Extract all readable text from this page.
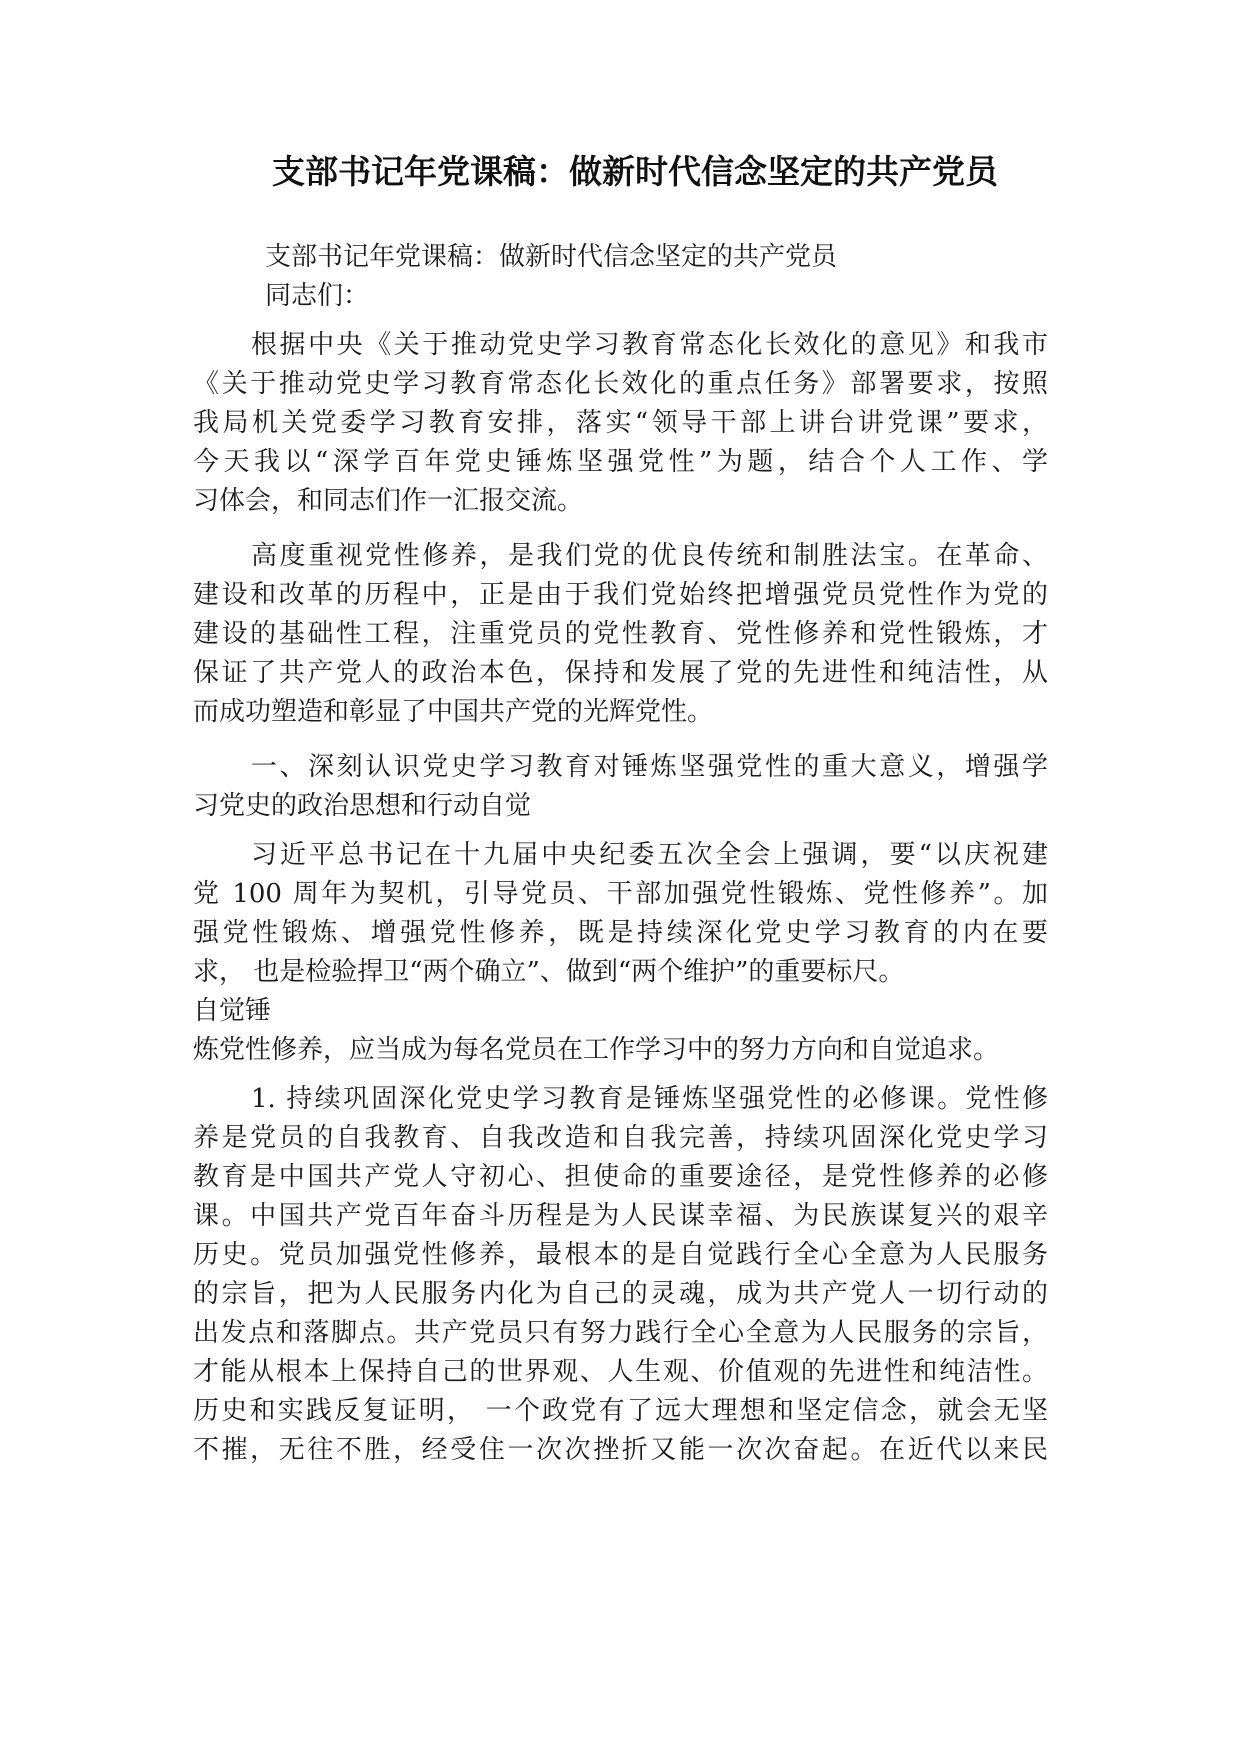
支部书记年党课稿：做新时代信念坚定的共产党员
支部书记年党课稿：做新时代信念坚定的共产党员
同志们：
根据中央《关于推动党史学习教育常态化长效化的意见》和我市
《关于推动党史学习教育常态化长效化的重点任务》部署要求，按照
我局机关党委学习教育安排，落实“领导干部上讲台讲党课”要求，
今天我以“深学百年党史锤炼坚强党性”为题，结合个人工作、学
习体会，和同志们作一汇报交流。
高度重视党性修养，是我们党的优良传统和制胜法宝。在革命、
建设和改革的历程中，正是由于我们党始终把增强党员党性作为党的
建设的基础性工程，注重党员的党性教育、党性修养和党性锻炼，才
保证了共产党人的政治本色，保持和发展了党的先进性和纯洁性，从
而成功塑造和彰显了中国共产党的光辉党性。
一、深刻认识党史学习教育对锤炼坚强党性的重大意义，增强学
习党史的政治思想和行动自觉
习近平总书记在十九届中央纪委五次全会上强调，要“以庆祝建
党 100 周年为契机，引导党员、干部加强党性锻炼、党性修养”。加
强党性锻炼、增强党性修养，既是持续深化党史学习教育的内在要
求， 也是检验捍卫“两个确立”、做到“两个维护”的重要标尺。
自觉锤
炼党性修养，应当成为每名党员在工作学习中的努力方向和自觉追求。
1. 持续巩固深化党史学习教育是锤炼坚强党性的必修课。党性修
养是党员的自我教育、自我改造和自我完善，持续巩固深化党史学习
教育是中国共产党人守初心、担使命的重要途径，是党性修养的必修
课。中国共产党百年奋斗历程是为人民谋幸福、为民族谋复兴的艰辛
历史。党员加强党性修养，最根本的是自觉践行全心全意为人民服务
的宗旨，把为人民服务内化为自己的灵魂，成为共产党人一切行动的
出发点和落脚点。共产党员只有努力践行全心全意为人民服务的宗旨，
才能从根本上保持自己的世界观、人生观、价值观的先进性和纯洁性。
历史和实践反复证明， 一个政党有了远大理想和坚定信念，就会无坚
不摧，无往不胜，经受住一次次挫折又能一次次奋起。在近代以来民
